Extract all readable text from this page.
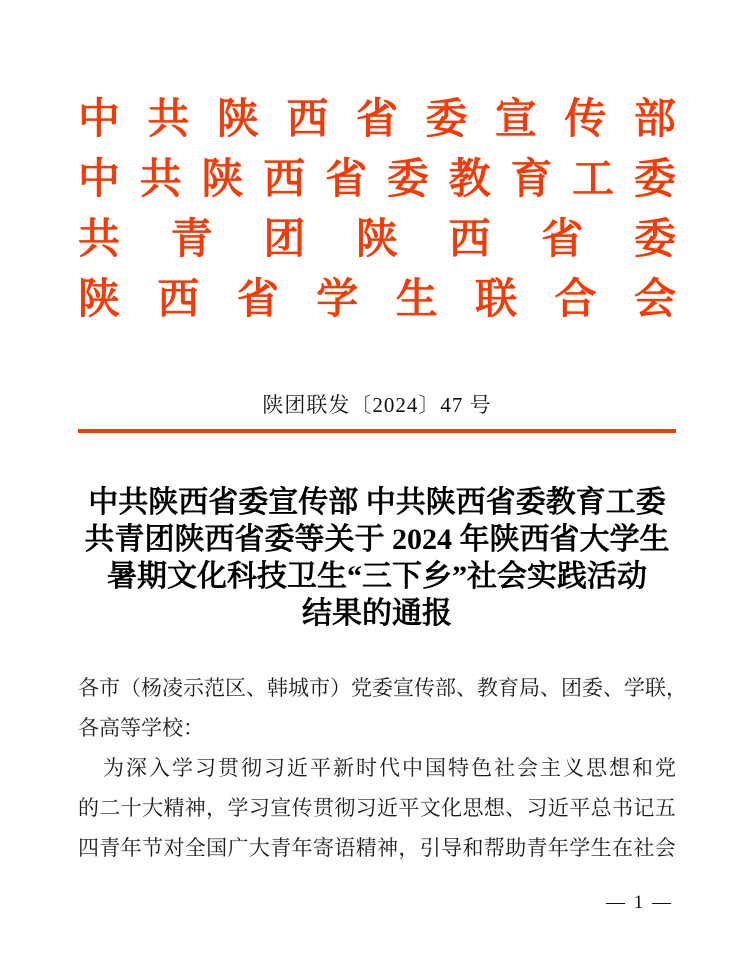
中 共 陕 西 省 委 宣 传 部
中 共 陕 西 省 委 教 育 工 委
共 青 团 陕 西 省 委
陕 西 省 学 生 联 合 会
陕团联发〔2024〕47 号
中共陕西省委宣传部 中共陕西省委教育工委
共青团陕西省委等关于 2024 年陕西省大学生
暑期文化科技卫生“三下乡”社会实践活动
结果的通报
各 市 （ 杨 凌 示 范 区 、 韩 城 市 ） 党 委 宣 传 部 、 教 育 局 、 团 委 、 学 联 ，
各高等学校：
为 深 入 学 习 贯 彻 习 近 平 新 时 代 中 国 特 色 社 会 主 义 思 想 和 党
的 二 十 大 精 神 ， 学 习 宣 传 贯 彻 习 近 平 文 化 思 想 、 习 近 平 总 书 记 五
四 青 年 节 对 全 国 广 大 青 年 寄 语 精 神 ， 引 导 和 帮 助 青 年 学 生 在 社 会
— 1 —
